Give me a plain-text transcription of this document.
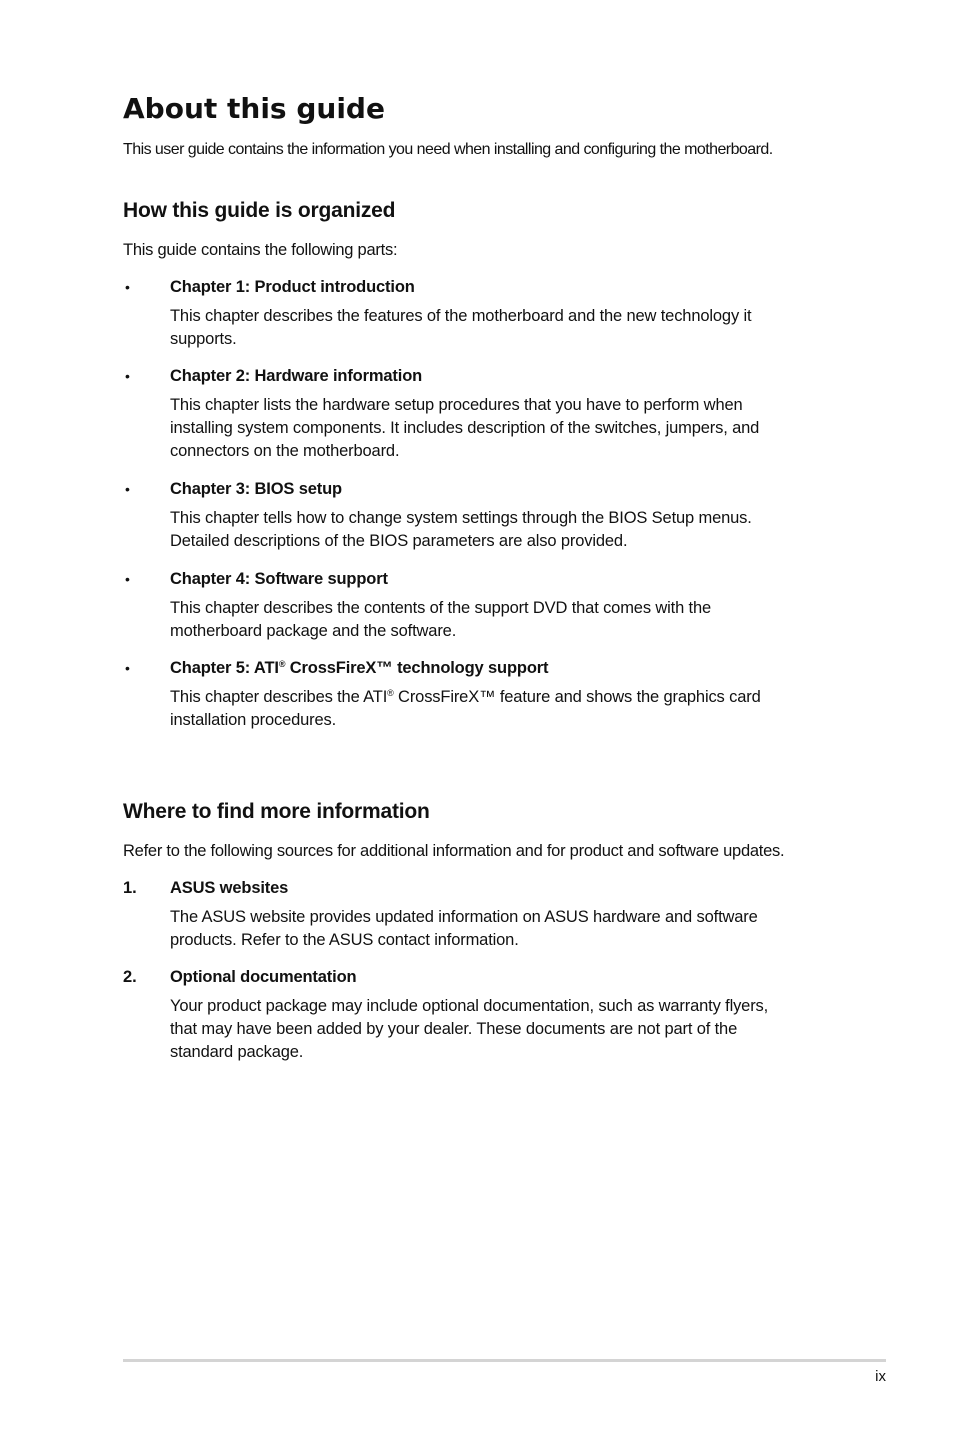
About this guide

This user guide contains the information you need when installing and configuring the motherboard.

How this guide is organized

This guide contains the following parts:

• Chapter 1: Product introduction

This chapter describes the features of the motherboard and the new technology it
supports.

• Chapter 2: Hardware information

This chapter lists the hardware setup procedures that you have to perform when
installing system components. It includes description of the switches, jumpers, and
connectors on the motherboard.

• Chapter 3: BIOS setup

This chapter tells how to change system settings through the BIOS Setup menus.
Detailed descriptions of the BIOS parameters are also provided.

• Chapter 4: Software support

This chapter describes the contents of the support DVD that comes with the
motherboard package and the software.

• Chapter 5: ATI® CrossFireX™ technology support

This chapter describes the ATI® CrossFireX™ feature and shows the graphics card
installation procedures.

Where to find more information

Refer to the following sources for additional information and for product and software updates.

1. ASUS websites

The ASUS website provides updated information on ASUS hardware and software
products. Refer to the ASUS contact information.

2. Optional documentation

Your product package may include optional documentation, such as warranty flyers,
that may have been added by your dealer. These documents are not part of the
standard package.

ix
